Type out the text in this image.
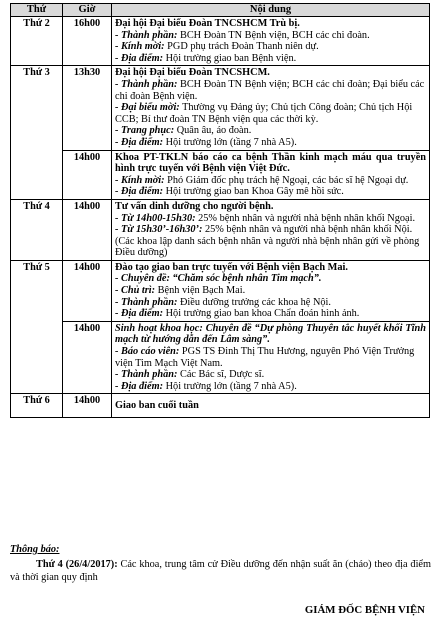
Thứ	Giờ	Nội dung
Thứ 2	16h00	Đại hội Đại biểu Đoàn TNCSHCM Trù bị.
- Thành phần: BCH Đoàn TN Bệnh viện, BCH các chi đoàn.
- Kính mời: PGD phụ trách Đoàn Thanh niên dự.
- Địa điểm: Hội trường giao ban Bệnh viện.

Thứ 3	13h30	Đại hội Đại biểu Đoàn TNCSHCM.
- Thành phần: BCH Đoàn TN Bệnh viện; BCH các chi đoàn; Đại biểu các chi đoàn Bệnh viện.
- Đại biểu mời: Thường vụ Đảng ủy; Chủ tịch Công đoàn; Chủ tịch Hội CCB; Bí thư đoàn TN Bệnh viện qua các thời kỳ.
- Trang phục: Quân âu, áo đoàn.
- Địa điểm: Hội trường lớn (tầng 7 nhà A5).

	14h00	Khoa PT-TKLN báo cáo ca bệnh Thần kinh mạch máu qua truyền hình trực tuyến với Bệnh viện Việt Đức.
- Kính mời: Phó Giám đốc phụ trách hệ Ngoại, các bác sĩ hệ Ngoại dự.
- Địa điểm: Hội trường giao ban Khoa Gây mê hồi sức.

Thứ 4	14h00	Tư vấn dinh dưỡng cho người bệnh.
- Từ 14h00-15h30: 25% bệnh nhân và người nhà bệnh nhân khối Ngoại.
- Từ 15h30’-16h30’: 25% bệnh nhân và người nhà bệnh nhân khối Nội.
(Các khoa lập danh sách bệnh nhân và người nhà bệnh nhân gửi về phòng Điều dưỡng)

Thứ 5	14h00	Đào tạo giao ban trực tuyến với Bệnh viện Bạch Mai.
- Chuyên đề: “Chăm sóc bệnh nhân Tim mạch”.
- Chủ trì: Bệnh viện Bạch Mai.
- Thành phần: Điều dưỡng trưởng các khoa hệ Nội.
- Địa điểm: Hội trường giao ban khoa Chẩn đoán hình ảnh.

	14h00	Sinh hoạt khoa học: Chuyên đề “Dự phòng Thuyên tắc huyết khối Tĩnh mạch từ hướng dẫn đến Lâm sàng”.
- Báo cáo viên: PGS TS Đinh Thị Thu Hương, nguyên Phó Viện Trưởng viện Tim Mạch Việt Nam.
- Thành phần: Các Bác sĩ, Dược sĩ.
- Địa điểm: Hội trường lớn (tầng 7 nhà A5).

Thứ 6	14h00	Giao ban cuối tuần
Thông báo:
Thứ 4 (26/4/2017): Các khoa, trung tâm cử Điều dưỡng đến nhận suất ăn (cháo) theo địa điểm và thời gian quy định
GIÁM ĐỐC BỆNH VIỆN
